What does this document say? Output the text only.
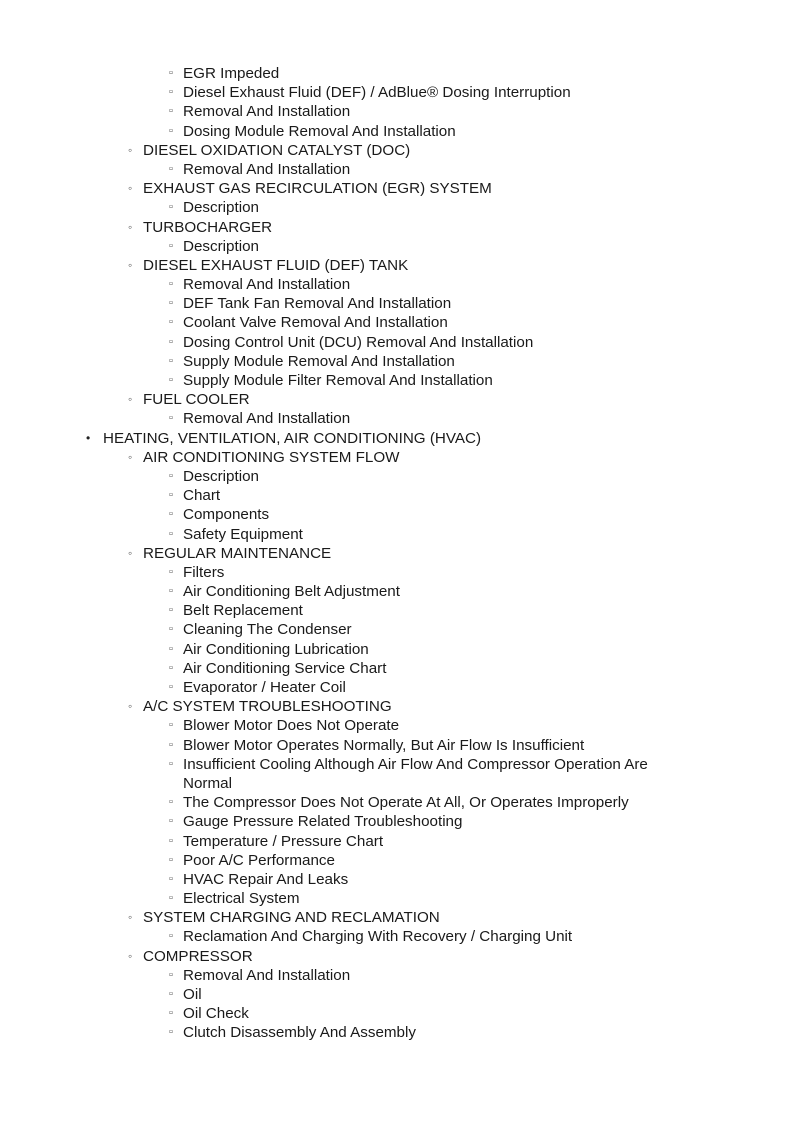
▫ EGR Impeded
▫ Diesel Exhaust Fluid (DEF) / AdBlue® Dosing Interruption
▫ Removal And Installation
▫ Dosing Module Removal And Installation
◦ DIESEL OXIDATION CATALYST (DOC)
▫ Removal And Installation
◦ EXHAUST GAS RECIRCULATION (EGR) SYSTEM
▫ Description
◦ TURBOCHARGER
▫ Description
◦ DIESEL EXHAUST FLUID (DEF) TANK
▫ Removal And Installation
▫ DEF Tank Fan Removal And Installation
▫ Coolant Valve Removal And Installation
▫ Dosing Control Unit (DCU) Removal And Installation
▫ Supply Module Removal And Installation
▫ Supply Module Filter Removal And Installation
◦ FUEL COOLER
▫ Removal And Installation
• HEATING, VENTILATION, AIR CONDITIONING (HVAC)
◦ AIR CONDITIONING SYSTEM FLOW
▫ Description
▫ Chart
▫ Components
▫ Safety Equipment
◦ REGULAR MAINTENANCE
▫ Filters
▫ Air Conditioning Belt Adjustment
▫ Belt Replacement
▫ Cleaning The Condenser
▫ Air Conditioning Lubrication
▫ Air Conditioning Service Chart
▫ Evaporator / Heater Coil
◦ A/C SYSTEM TROUBLESHOOTING
▫ Blower Motor Does Not Operate
▫ Blower Motor Operates Normally, But Air Flow Is Insufficient
▫ Insufficient Cooling Although Air Flow And Compressor Operation Are
Normal
▫ The Compressor Does Not Operate At All, Or Operates Improperly
▫ Gauge Pressure Related Troubleshooting
▫ Temperature / Pressure Chart
▫ Poor A/C Performance
▫ HVAC Repair And Leaks
▫ Electrical System
◦ SYSTEM CHARGING AND RECLAMATION
▫ Reclamation And Charging With Recovery / Charging Unit
◦ COMPRESSOR
▫ Removal And Installation
▫ Oil
▫ Oil Check
▫ Clutch Disassembly And Assembly
